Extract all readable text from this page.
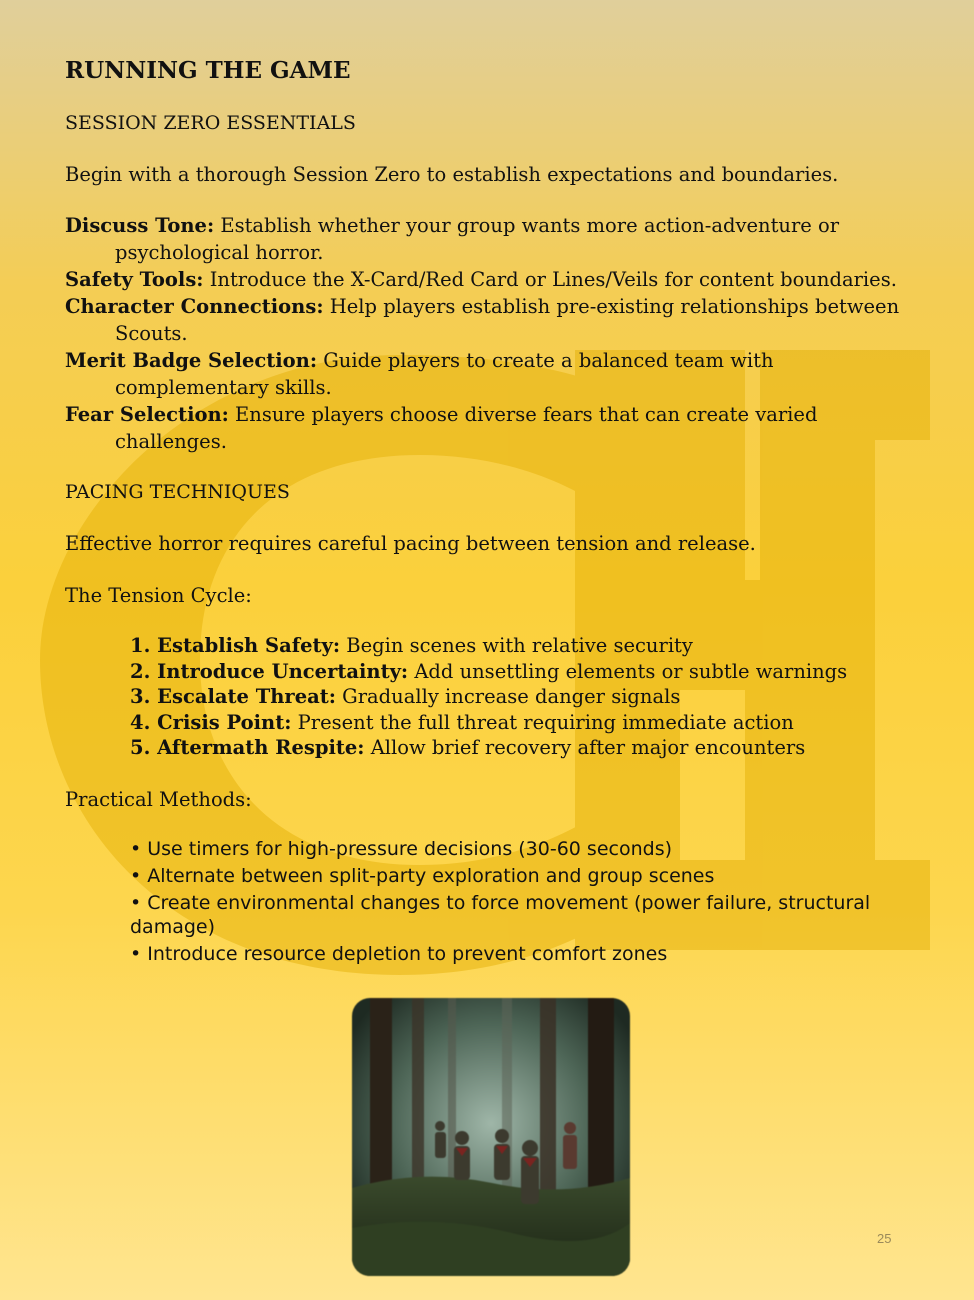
RUNNING THE GAME
SESSION ZERO ESSENTIALS
Begin with a thorough Session Zero to establish expectations and boundaries.

Discuss Tone: Establish whether your group wants more action-adventure or psychological horror.

Safety Tools: Introduce the X-Card/Red Card or Lines/Veils for content boundaries.

Character Connections: Help players establish pre-existing relationships between Scouts.

Merit Badge Selection: Guide players to create a balanced team with complementary skills.

Fear Selection: Ensure players choose diverse fears that can create varied challenges.

PACING TECHNIQUES
Effective horror requires careful pacing between tension and release.
The Tension Cycle:
1. Establish Safety: Begin scenes with relative security
2. Introduce Uncertainty: Add unsettling elements or subtle warnings
3. Escalate Threat: Gradually increase danger signals
4. Crisis Point: Present the full threat requiring immediate action
5. Aftermath Respite: Allow brief recovery after major encounters
Practical Methods:
• Use timers for high-pressure decisions (30-60 seconds)
• Alternate between split-party exploration and group scenes
• Create environmental changes to force movement (power failure, structural damage)
• Introduce resource depletion to prevent comfort zones
25
